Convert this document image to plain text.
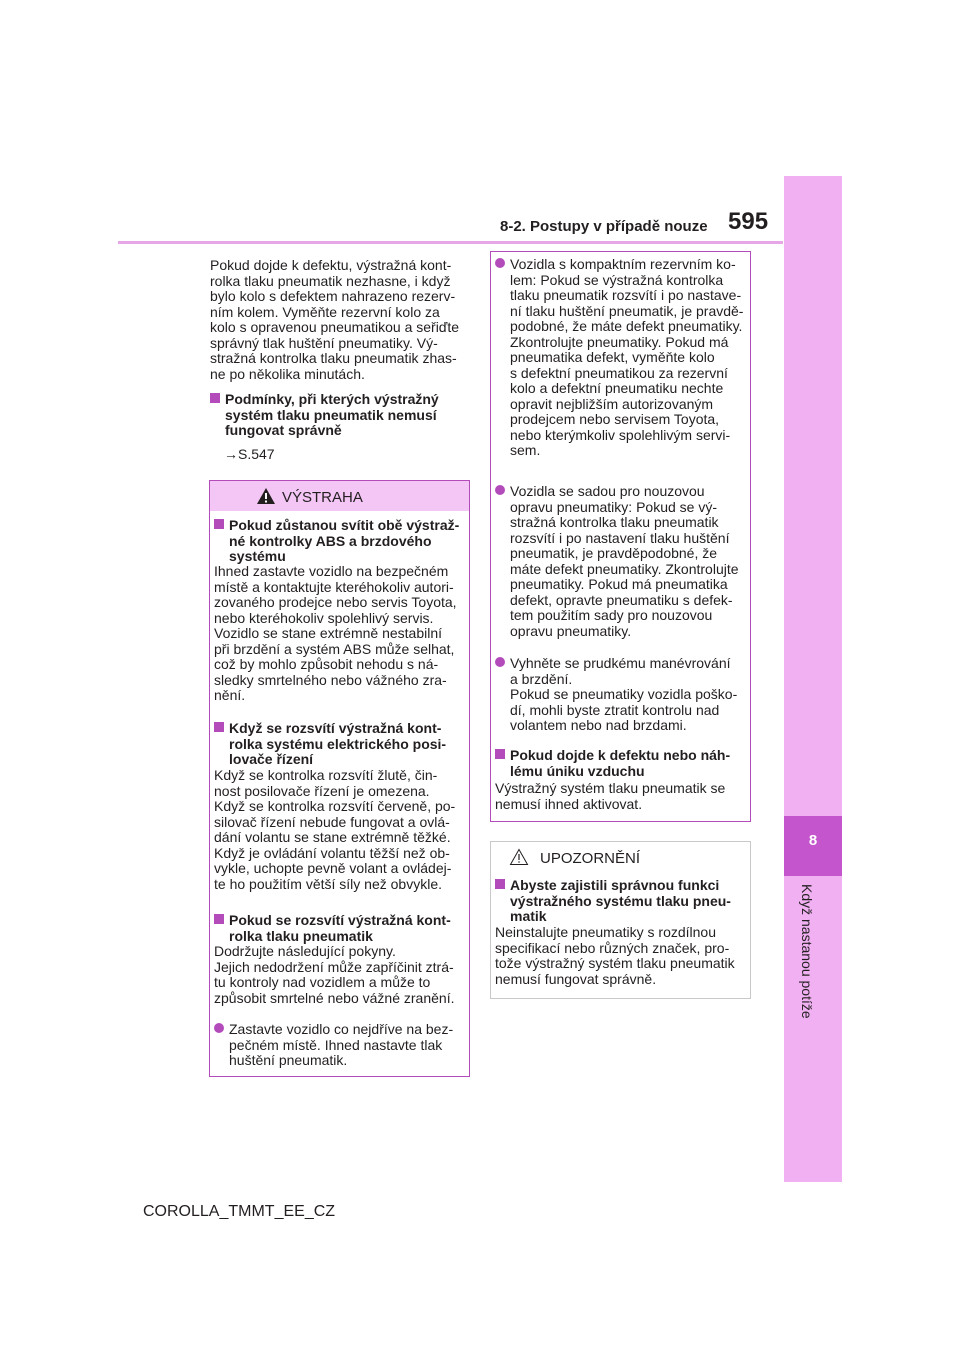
8-2. Postupy v případě nouze 595
8
Když nastanou potíže
Pokud dojde k defektu, výstražná kont-
rolka tlaku pneumatik nezhasne, i když
bylo kolo s defektem nahrazeno rezerv-
ním kolem. Vyměňte rezervní kolo za
kolo s opravenou pneumatikou a seřiďte
správný tlak huštění pneumatiky. Vý-
stražná kontrolka tlaku pneumatik zhas-
ne po několika minutách.
Podmínky, při kterých výstražný
systém tlaku pneumatik nemusí
fungovat správně
→S.547
VÝSTRAHA
Pokud zůstanou svítit obě výstraž-
né kontrolky ABS a brzdového
systému
Ihned zastavte vozidlo na bezpečném
místě a kontaktujte kteréhokoliv autori-
zovaného prodejce nebo servis Toyota,
nebo kteréhokoliv spolehlivý servis.
Vozidlo se stane extrémně nestabilní
při brzdění a systém ABS může selhat,
což by mohlo způsobit nehodu s ná-
sledky smrtelného nebo vážného zra-
nění.
Když se rozsvítí výstražná kont-
rolka systému elektrického posi-
lovače řízení
Když se kontrolka rozsvítí žlutě, čin-
nost posilovače řízení je omezena.
Když se kontrolka rozsvítí červeně, po-
silovač řízení nebude fungovat a ovlá-
dání volantu se stane extrémně těžké.
Když je ovládání volantu těžší než ob-
vykle, uchopte pevně volant a ovládej-
te ho použitím větší síly než obvykle.
Pokud se rozsvítí výstražná kont-
rolka tlaku pneumatik
Dodržujte následující pokyny.
Jejich nedodržení může zapříčinit ztrá-
tu kontroly nad vozidlem a může to
způsobit smrtelné nebo vážné zranění.
Zastavte vozidlo co nejdříve na bez-
pečném místě. Ihned nastavte tlak
huštění pneumatik.
Vozidla s kompaktním rezervním ko-
lem: Pokud se výstražná kontrolka
tlaku pneumatik rozsvítí i po nastave-
ní tlaku huštění pneumatik, je pravdě-
podobné, že máte defekt pneumatiky.
Zkontrolujte pneumatiky. Pokud má
pneumatika defekt, vyměňte kolo
s defektní pneumatikou za rezervní
kolo a defektní pneumatiku nechte
opravit nejbližším autorizovaným
prodejcem nebo servisem Toyota,
nebo kterýmkoliv spolehlivým servi-
sem.
Vozidla se sadou pro nouzovou
opravu pneumatiky: Pokud se vý-
stražná kontrolka tlaku pneumatik
rozsvítí i po nastavení tlaku huštění
pneumatik, je pravděpodobné, že
máte defekt pneumatiky. Zkontrolujte
pneumatiky. Pokud má pneumatika
defekt, opravte pneumatiku s defek-
tem použitím sady pro nouzovou
opravu pneumatiky.
Vyhněte se prudkému manévrování
a brzdění.
Pokud se pneumatiky vozidla poško-
dí, mohli byste ztratit kontrolu nad
volantem nebo nad brzdami.
Pokud dojde k defektu nebo náh-
lému úniku vzduchu
Výstražný systém tlaku pneumatik se
nemusí ihned aktivovat.
UPOZORNĚNÍ
Abyste zajistili správnou funkci
výstražného systému tlaku pneu-
matik
Neinstalujte pneumatiky s rozdílnou
specifikací nebo různých značek, pro-
tože výstražný systém tlaku pneumatik
nemusí fungovat správně.
COROLLA_TMMT_EE_CZ
